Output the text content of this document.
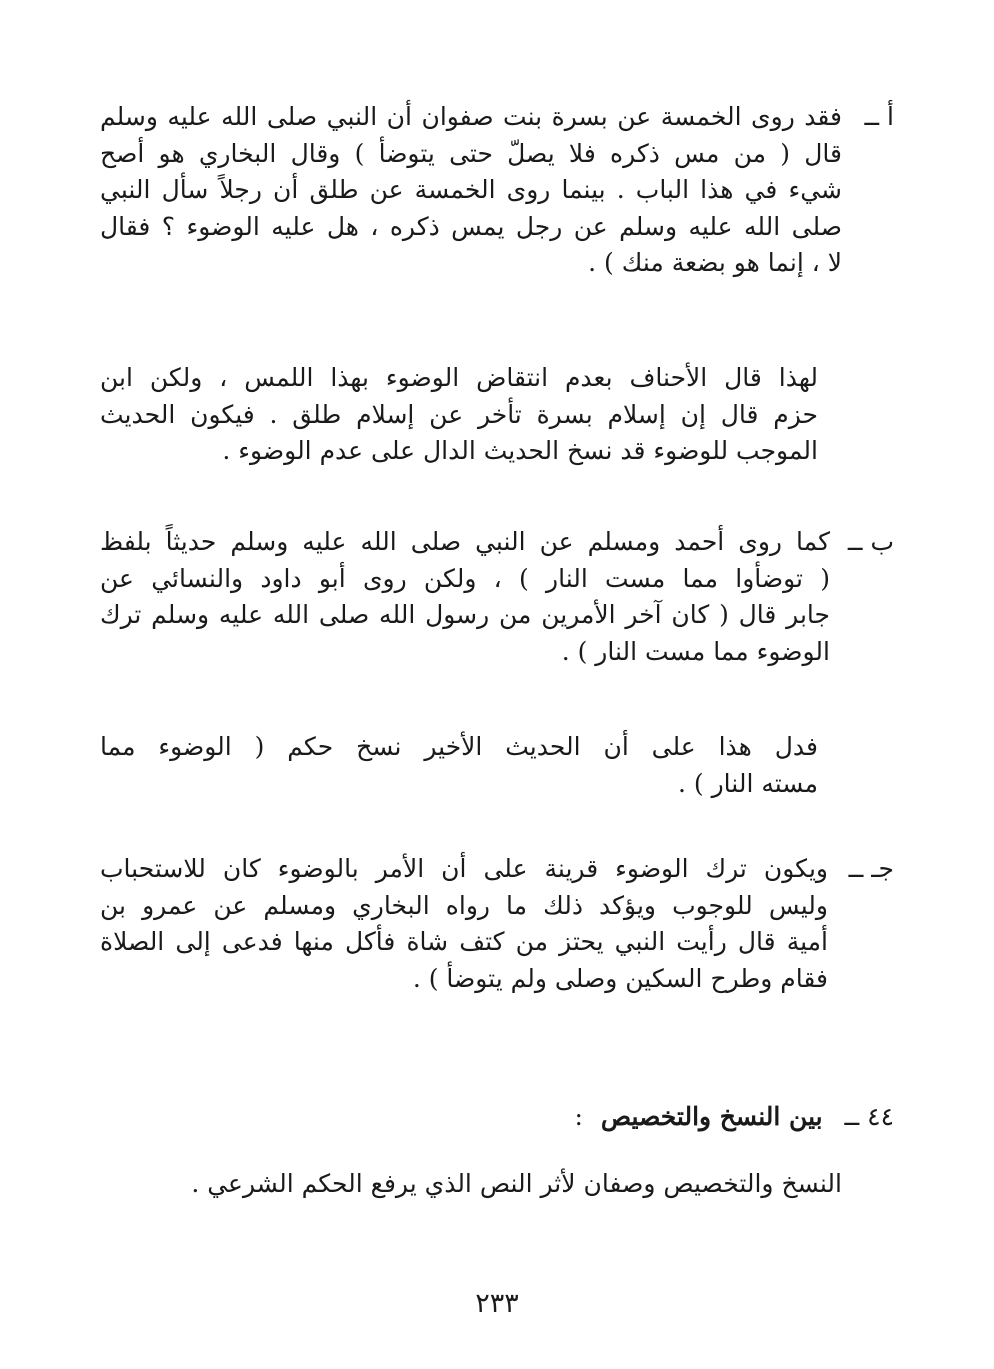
أ ــ
فقد روى الخمسة عن بسرة بنت صفوان أن النبي صلى الله عليه وسلم
قال ( من مس ذكره فلا يصلّ حتى يتوضأ ) وقال البخاري هو أصح
شيء في هذا الباب . بينما روى الخمسة عن طلق أن رجلاً سأل النبي
صلى الله عليه وسلم عن رجل يمس ذكره ، هل عليه الوضوء ؟ فقال
لا ، إنما هو بضعة منك ) .
لهذا قال الأحناف بعدم انتقاض الوضوء بهذا اللمس ، ولكن ابن
حزم قال إن إسلام بسرة تأخر عن إسلام طلق . فيكون الحديث
الموجب للوضوء قد نسخ الحديث الدال على عدم الوضوء .
ب ــ
كما روى أحمد ومسلم عن النبي صلى الله عليه وسلم حديثاً بلفظ
( توضأوا مما مست النار ) ، ولكن روى أبو داود والنسائي عن
جابر قال ( كان آخر الأمرين من رسول الله صلى الله عليه وسلم ترك
الوضوء مما مست النار ) .
فدل هذا على أن الحديث الأخير نسخ حكم ( الوضوء مما
مسته النار ) .
جـ ــ
ويكون ترك الوضوء قرينة على أن الأمر بالوضوء كان للاستحباب
وليس للوجوب ويؤكد ذلك ما رواه البخاري ومسلم عن عمرو بن
أمية قال رأيت النبي يحتز من كتف شاة فأكل منها فدعى إلى الصلاة
فقام وطرح السكين وصلى ولم يتوضأ ) .
٤٤ ــ بين النسخ والتخصيص :
النسخ والتخصيص وصفان لأثر النص الذي يرفع الحكم الشرعي .
٢٣٣
